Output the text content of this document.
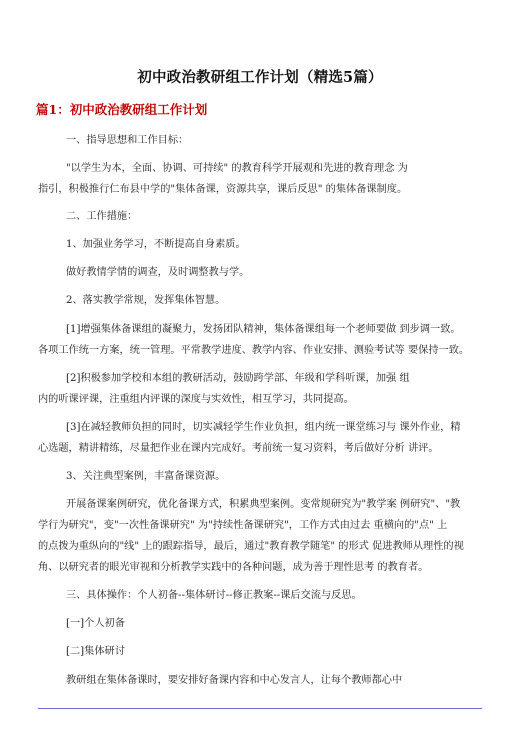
初中政治教研组工作计划（精选5篇）
篇1：初中政治教研组工作计划
一、指导思想和工作目标：
"以学生为本，全面、协调、可持续" 的教育科学开展观和先进的教育理念 为
指引，积极推行仁布县中学的"集体备课，资源共享，课后反思" 的集体备课制度。
二、工作措施：
1、加强业务学习，不断提高自身素质。
做好教情学情的调查，及时调整教与学。
2、落实教学常规，发挥集体智慧。
[1]增强集体备课组的凝聚力，发扬团队精神，集体备课组每一个老师要做 到步调一致。
各项工作统一方案，统一管理。平常教学进度、教学内容、作业安排、测验考试等 要保持一致。
[2]积极参加学校和本组的教研活动，鼓励跨学部、年级和学科听课，加强 组
内的听课评课，注重组内评课的深度与实效性，相互学习，共同提高。
[3]在减轻教师负担的同时，切实减轻学生作业负担，组内统一课堂练习与 课外作业，精
心选题，精讲精练，尽量把作业在课内完成好。考前统一复习资料，考后做好分析 讲评。
3、关注典型案例，丰富备课资源。
开展备课案例研究，优化备课方式，积累典型案例。变常规研究为"教学案 例研究"、"教
学行为研究"，变"一次性备课研究" 为"持续性备课研究"，工作方式由过去 重横向的"点" 上
的点拨为重纵向的"线" 上的跟踪指导，最后，通过"教育教学随笔" 的形式 促进教师从理性的视
角、以研究者的眼光审视和分析教学实践中的各种问题，成为善于理性思考 的教育者。
三、具体操作：个人初备--集体研讨--修正教案--课后交流与反思。
[一]个人初备
[二]集体研讨
教研组在集体备课时，要安排好备课内容和中心发言人，让每个教师都心中
